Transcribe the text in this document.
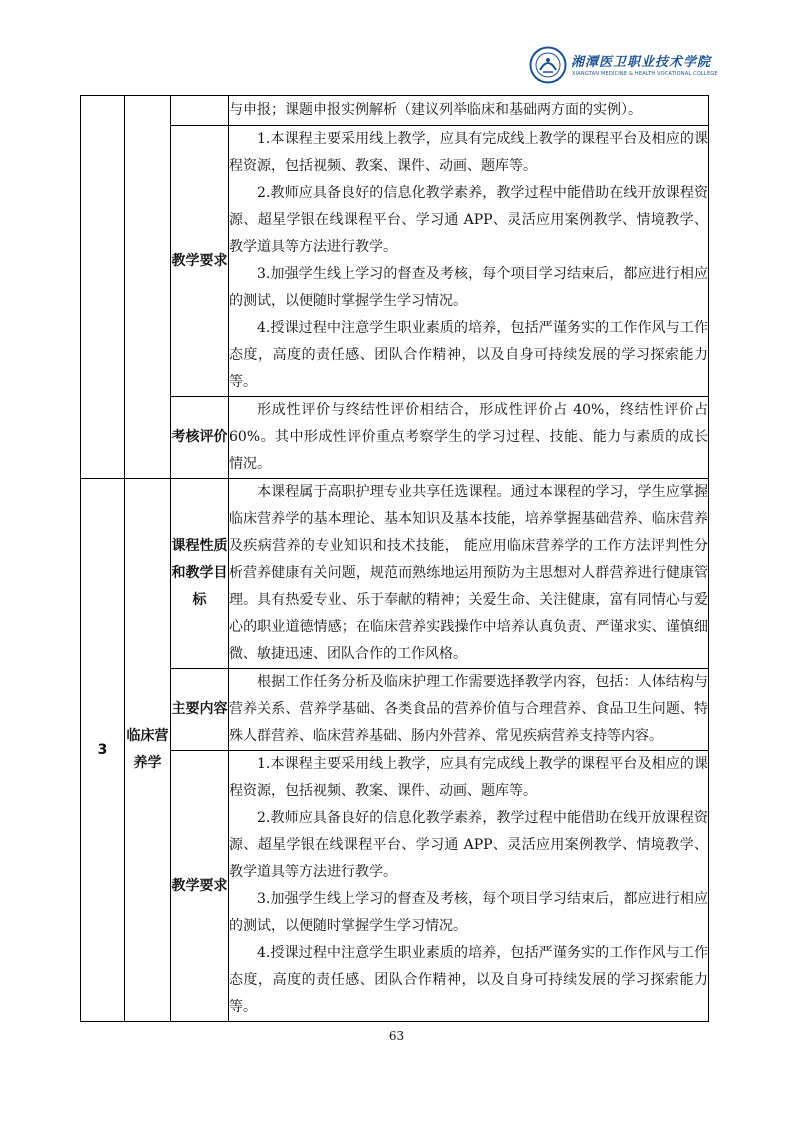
湘潭医卫职业技术学院
XIANGTAN MEDICINE & HEALTH VOCATIONAL COLLEGE

			与申报；课题申报实例解析（建议列举临床和基础两方面的实例）。

		教学要求	1.本课程主要采用线上教学，应具有完成线上教学的课程平台及相应的课程资源，包括视频、教案、课件、动画、题库等。
2.教师应具备良好的信息化教学素养，教学过程中能借助在线开放课程资源、超星学银在线课程平台、学习通 APP、灵活应用案例教学、情境教学、教学道具等方法进行教学。
3.加强学生线上学习的督查及考核，每个项目学习结束后，都应进行相应的测试，以便随时掌握学生学习情况。
4.授课过程中注意学生职业素质的培养，包括严谨务实的工作作风与工作态度，高度的责任感、团队合作精神，以及自身可持续发展的学习探索能力等。

		考核评价	形成性评价与终结性评价相结合，形成性评价占 40%，终结性评价占 60%。其中形成性评价重点考察学生的学习过程、技能、能力与素质的成长情况。

3	临床营养学	课程性质和教学目标	本课程属于高职护理专业共享任选课程。通过本课程的学习，学生应掌握临床营养学的基本理论、基本知识及基本技能，培养掌握基础营养、临床营养及疾病营养的专业知识和技术技能， 能应用临床营养学的工作方法评判性分析营养健康有关问题，规范而熟练地运用预防为主思想对人群营养进行健康管理。具有热爱专业、乐于奉献的精神；关爱生命、关注健康，富有同情心与爱心的职业道德情感；在临床营养实践操作中培养认真负责、严谨求实、谨慎细微、敏捷迅速、团队合作的工作风格。

		主要内容	根据工作任务分析及临床护理工作需要选择教学内容，包括：人体结构与营养关系、营养学基础、各类食品的营养价值与合理营养、食品卫生问题、特殊人群营养、临床营养基础、肠内外营养、常见疾病营养支持等内容。

		教学要求	1.本课程主要采用线上教学，应具有完成线上教学的课程平台及相应的课程资源，包括视频、教案、课件、动画、题库等。
2.教师应具备良好的信息化教学素养，教学过程中能借助在线开放课程资源、超星学银在线课程平台、学习通 APP、灵活应用案例教学、情境教学、教学道具等方法进行教学。
3.加强学生线上学习的督查及考核，每个项目学习结束后，都应进行相应的测试，以便随时掌握学生学习情况。
4.授课过程中注意学生职业素质的培养，包括严谨务实的工作作风与工作态度，高度的责任感、团队合作精神，以及自身可持续发展的学习探索能力等。
63
